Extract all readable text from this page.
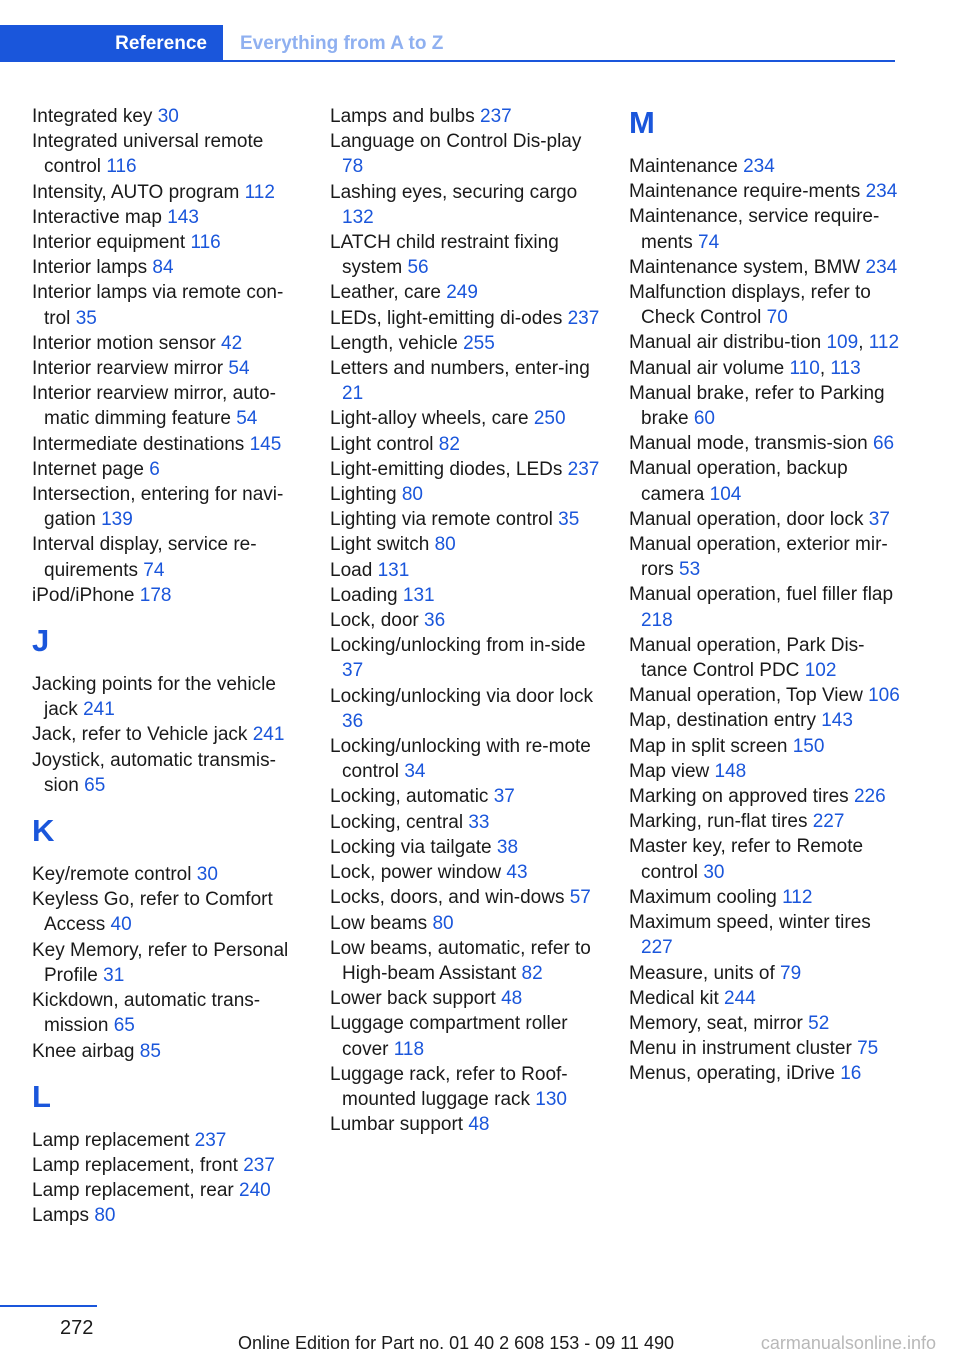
Reference	Everything from A to Z

Integrated key 30

Integrated universal remote control 116

Intensity, AUTO program 112

Interactive map 143

Interior equipment 116

Interior lamps 84

Interior lamps via remote con‐trol 35

Interior motion sensor 42

Interior rearview mirror 54

Interior rearview mirror, auto‐matic dimming feature 54

Intermediate destinations 145

Internet page 6

Intersection, entering for navi‐gation 139

Interval display, service re‐quirements 74

iPod/iPhone 178

J

Jacking points for the vehicle jack 241

Jack, refer to Vehicle jack 241

Joystick, automatic transmis‐sion 65

K

Key/remote control 30

Keyless Go, refer to Comfort Access 40

Key Memory, refer to Personal Profile 31

Kickdown, automatic trans‐mission 65

Knee airbag 85

L

Lamp replacement 237

Lamp replacement, front 237

Lamp replacement, rear 240

Lamps 80

Lamps and bulbs 237

Language on Control Dis‐play 78

Lashing eyes, securing cargo 132

LATCH child restraint fixing system 56

Leather, care 249

LEDs, light-emitting di‐odes 237

Length, vehicle 255

Letters and numbers, enter‐ing 21

Light-alloy wheels, care 250

Light control 82

Light-emitting diodes, LEDs 237

Lighting 80

Lighting via remote control 35

Light switch 80

Load 131

Loading 131

Lock, door 36

Locking/unlocking from in‐side 37

Locking/unlocking via door lock 36

Locking/unlocking with re‐mote control 34

Locking, automatic 37

Locking, central 33

Locking via tailgate 38

Lock, power window 43

Locks, doors, and win‐dows 57

Low beams 80

Low beams, automatic, refer to High-beam Assistant 82

Lower back support 48

Luggage compartment roller cover 118

Luggage rack, refer to Roof-mounted luggage rack 130

Lumbar support 48

M

Maintenance 234

Maintenance require‐ments 234

Maintenance, service require‐ments 74

Maintenance system, BMW 234

Malfunction displays, refer to Check Control 70

Manual air distribu‐tion 109, 112

Manual air volume 110, 113

Manual brake, refer to Parking brake 60

Manual mode, transmis‐sion 66

Manual operation, backup camera 104

Manual operation, door lock 37

Manual operation, exterior mir‐rors 53

Manual operation, fuel filler flap 218

Manual operation, Park Dis‐tance Control PDC 102

Manual operation, Top View 106

Map, destination entry 143

Map in split screen 150

Map view 148

Marking on approved tires 226

Marking, run-flat tires 227

Master key, refer to Remote control 30

Maximum cooling 112

Maximum speed, winter tires 227

Measure, units of 79

Medical kit 244

Memory, seat, mirror 52

Menu in instrument cluster 75

Menus, operating, iDrive 16

272
Online Edition for Part no. 01 40 2 608 153 - 09 11 490	carmanualsonline.info
